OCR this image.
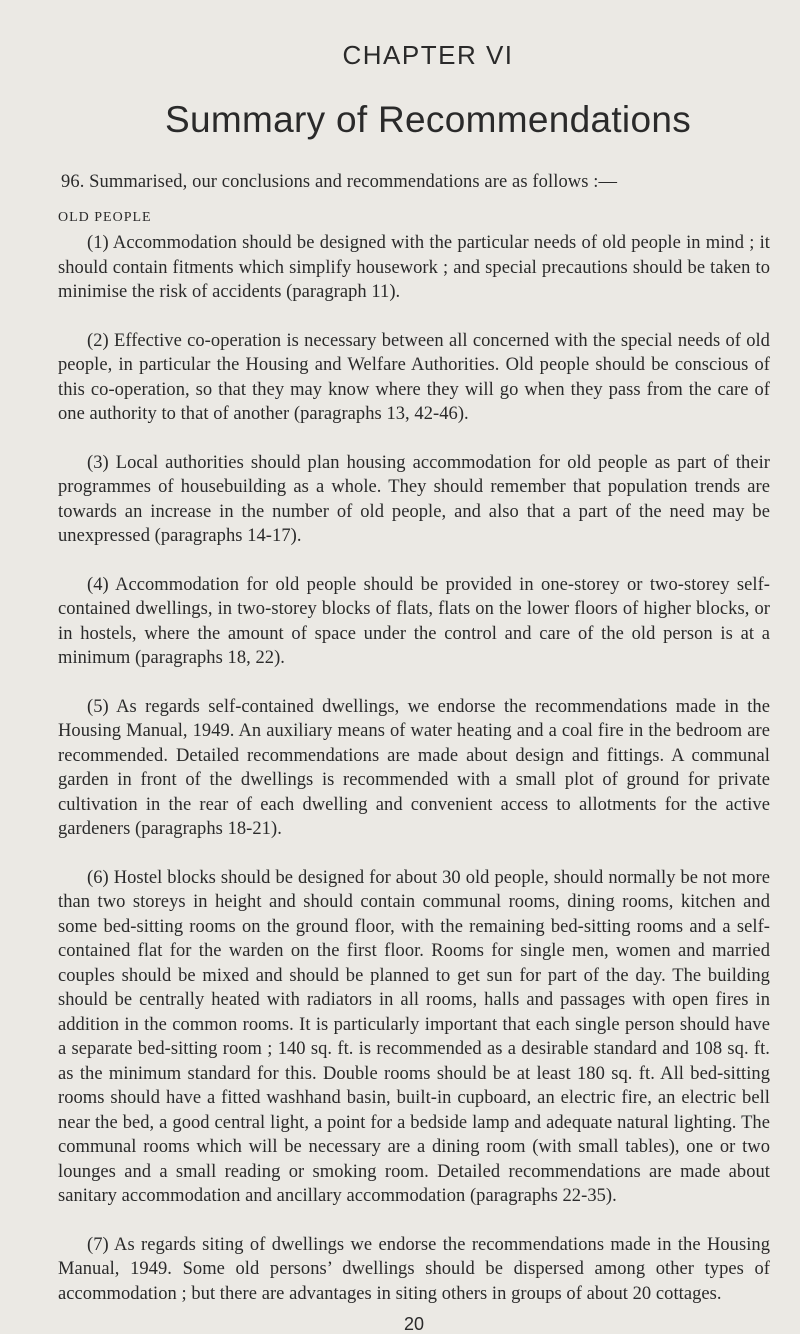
CHAPTER VI
Summary of Recommendations

96. Summarised, our conclusions and recommendations are as follows :—

OLD PEOPLE

(1) Accommodation should be designed with the particular needs of old people in mind ; it should contain fitments which simplify housework ; and special precautions should be taken to minimise the risk of accidents (paragraph 11).

(2) Effective co-operation is necessary between all concerned with the special needs of old people, in particular the Housing and Welfare Authorities. Old people should be conscious of this co-operation, so that they may know where they will go when they pass from the care of one authority to that of another (paragraphs 13, 42-46).

(3) Local authorities should plan housing accommodation for old people as part of their programmes of housebuilding as a whole. They should remember that population trends are towards an increase in the number of old people, and also that a part of the need may be unexpressed (paragraphs 14-17).

(4) Accommodation for old people should be provided in one-storey or two-storey self-contained dwellings, in two-storey blocks of flats, flats on the lower floors of higher blocks, or in hostels, where the amount of space under the control and care of the old person is at a minimum (paragraphs 18, 22).

(5) As regards self-contained dwellings, we endorse the recommendations made in the Housing Manual, 1949. An auxiliary means of water heating and a coal fire in the bedroom are recommended. Detailed recommendations are made about design and fittings. A communal garden in front of the dwellings is recommended with a small plot of ground for private cultivation in the rear of each dwelling and convenient access to allotments for the active gardeners (paragraphs 18-21).

(6) Hostel blocks should be designed for about 30 old people, should normally be not more than two storeys in height and should contain communal rooms, dining rooms, kitchen and some bed-sitting rooms on the ground floor, with the remaining bed-sitting rooms and a self-contained flat for the warden on the first floor. Rooms for single men, women and married couples should be mixed and should be planned to get sun for part of the day. The building should be centrally heated with radiators in all rooms, halls and passages with open fires in addition in the common rooms. It is particularly important that each single person should have a separate bed-sitting room ; 140 sq. ft. is recommended as a desirable standard and 108 sq. ft. as the minimum standard for this. Double rooms should be at least 180 sq. ft. All bed-sitting rooms should have a fitted washhand basin, built-in cupboard, an electric fire, an electric bell near the bed, a good central light, a point for a bedside lamp and adequate natural lighting. The communal rooms which will be necessary are a dining room (with small tables), one or two lounges and a small reading or smoking room. Detailed recommendations are made about sanitary accommodation and ancillary accommodation (paragraphs 22-35).

(7) As regards siting of dwellings we endorse the recommendations made in the Housing Manual, 1949. Some old persons’ dwellings should be dispersed among other types of accommodation ; but there are advantages in siting others in groups of about 20 cottages.

20
